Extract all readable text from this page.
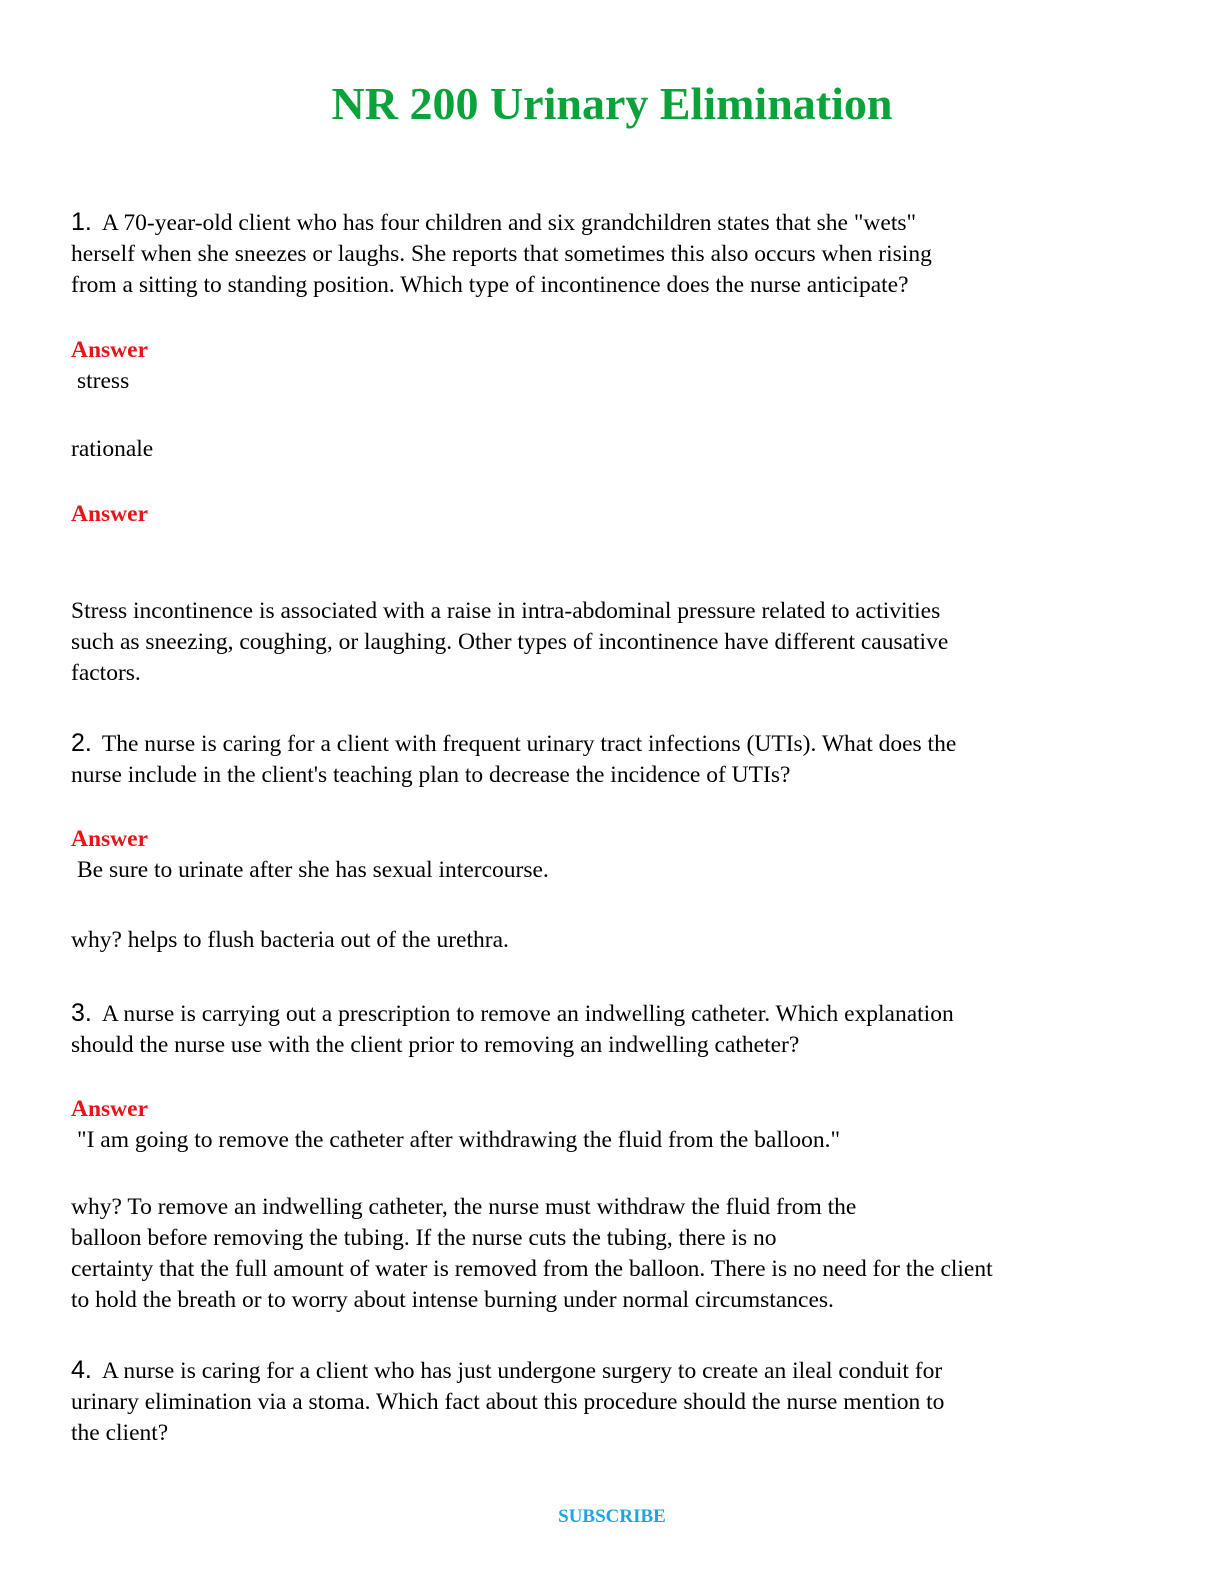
NR 200 Urinary Elimination
1. A 70-year-old client who has four children and six grandchildren states that she "wets"
herself when she sneezes or laughs. She reports that sometimes this also occurs when rising
from a sitting to standing position. Which type of incontinence does the nurse anticipate?
Answer
stress
rationale
Answer
Stress incontinence is associated with a raise in intra-abdominal pressure related to activities
such as sneezing, coughing, or laughing. Other types of incontinence have different causative
factors.
2. The nurse is caring for a client with frequent urinary tract infections (UTIs). What does the
nurse include in the client's teaching plan to decrease the incidence of UTIs?
Answer
Be sure to urinate after she has sexual intercourse.
why? helps to flush bacteria out of the urethra.
3. A nurse is carrying out a prescription to remove an indwelling catheter. Which explanation
should the nurse use with the client prior to removing an indwelling catheter?
Answer
"I am going to remove the catheter after withdrawing the fluid from the balloon."
why? To remove an indwelling catheter, the nurse must withdraw the fluid from the
balloon before removing the tubing. If the nurse cuts the tubing, there is no
certainty that the full amount of water is removed from the balloon. There is no need for the client
to hold the breath or to worry about intense burning under normal circumstances.
4. A nurse is caring for a client who has just undergone surgery to create an ileal conduit for
urinary elimination via a stoma. Which fact about this procedure should the nurse mention to
the client?
SUBSCRIBE
